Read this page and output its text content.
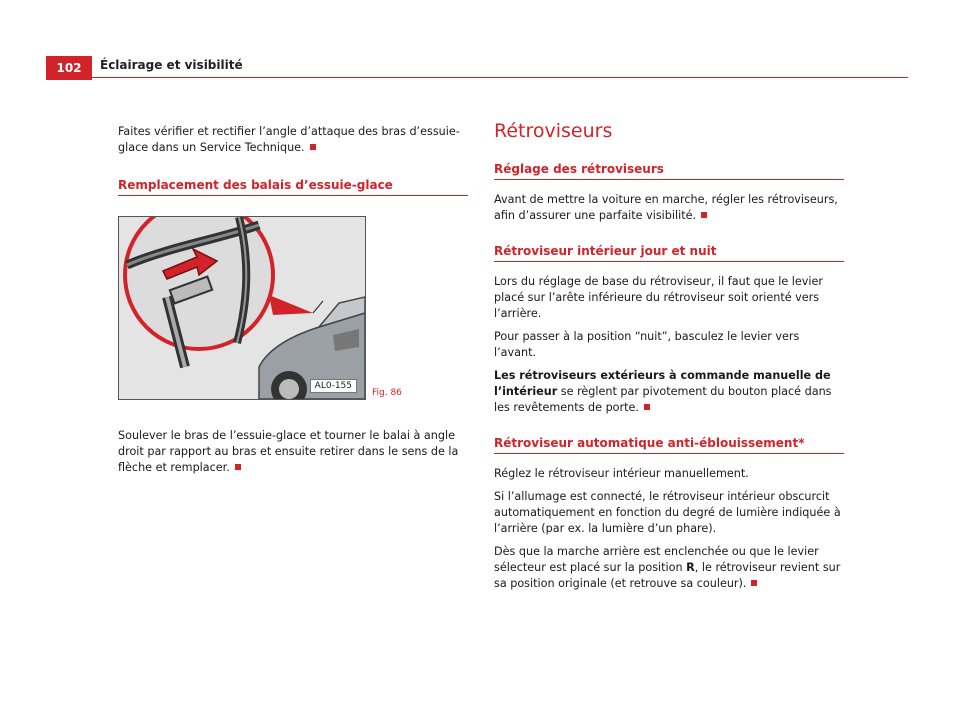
102	Éclairage et visibilité

Faites vérifier et rectifier l’angle d’attaque des bras d’essuie-glace dans un Service Technique.

Remplacement des balais d’essuie-glace
AL0-155
Fig. 86

Soulever le bras de l’essuie-glace et tourner le balai à angle droit par rapport au bras et ensuite retirer dans le sens de la flèche et remplacer.

Rétroviseurs
Réglage des rétroviseurs

Avant de mettre la voiture en marche, régler les rétroviseurs, afin d’assurer une parfaite visibilité.

Rétroviseur intérieur jour et nuit

Lors du réglage de base du rétroviseur, il faut que le levier placé sur l’arête inférieure du rétroviseur soit orienté vers l’arrière.

Pour passer à la position “nuit”, basculez le levier vers l’avant.

Les rétroviseurs extérieurs à commande manuelle de l’intérieur se règlent par pivotement du bouton placé dans les revêtements de porte.

Rétroviseur automatique anti-éblouissement*

Réglez le rétroviseur intérieur manuellement.

Si l’allumage est connecté, le rétroviseur intérieur obscurcit automatiquement en fonction du degré de lumière indiquée à l’arrière (par ex. la lumière d’un phare).

Dès que la marche arrière est enclenchée ou que le levier sélecteur est placé sur la position R, le rétroviseur revient sur sa position originale (et retrouve sa couleur).
